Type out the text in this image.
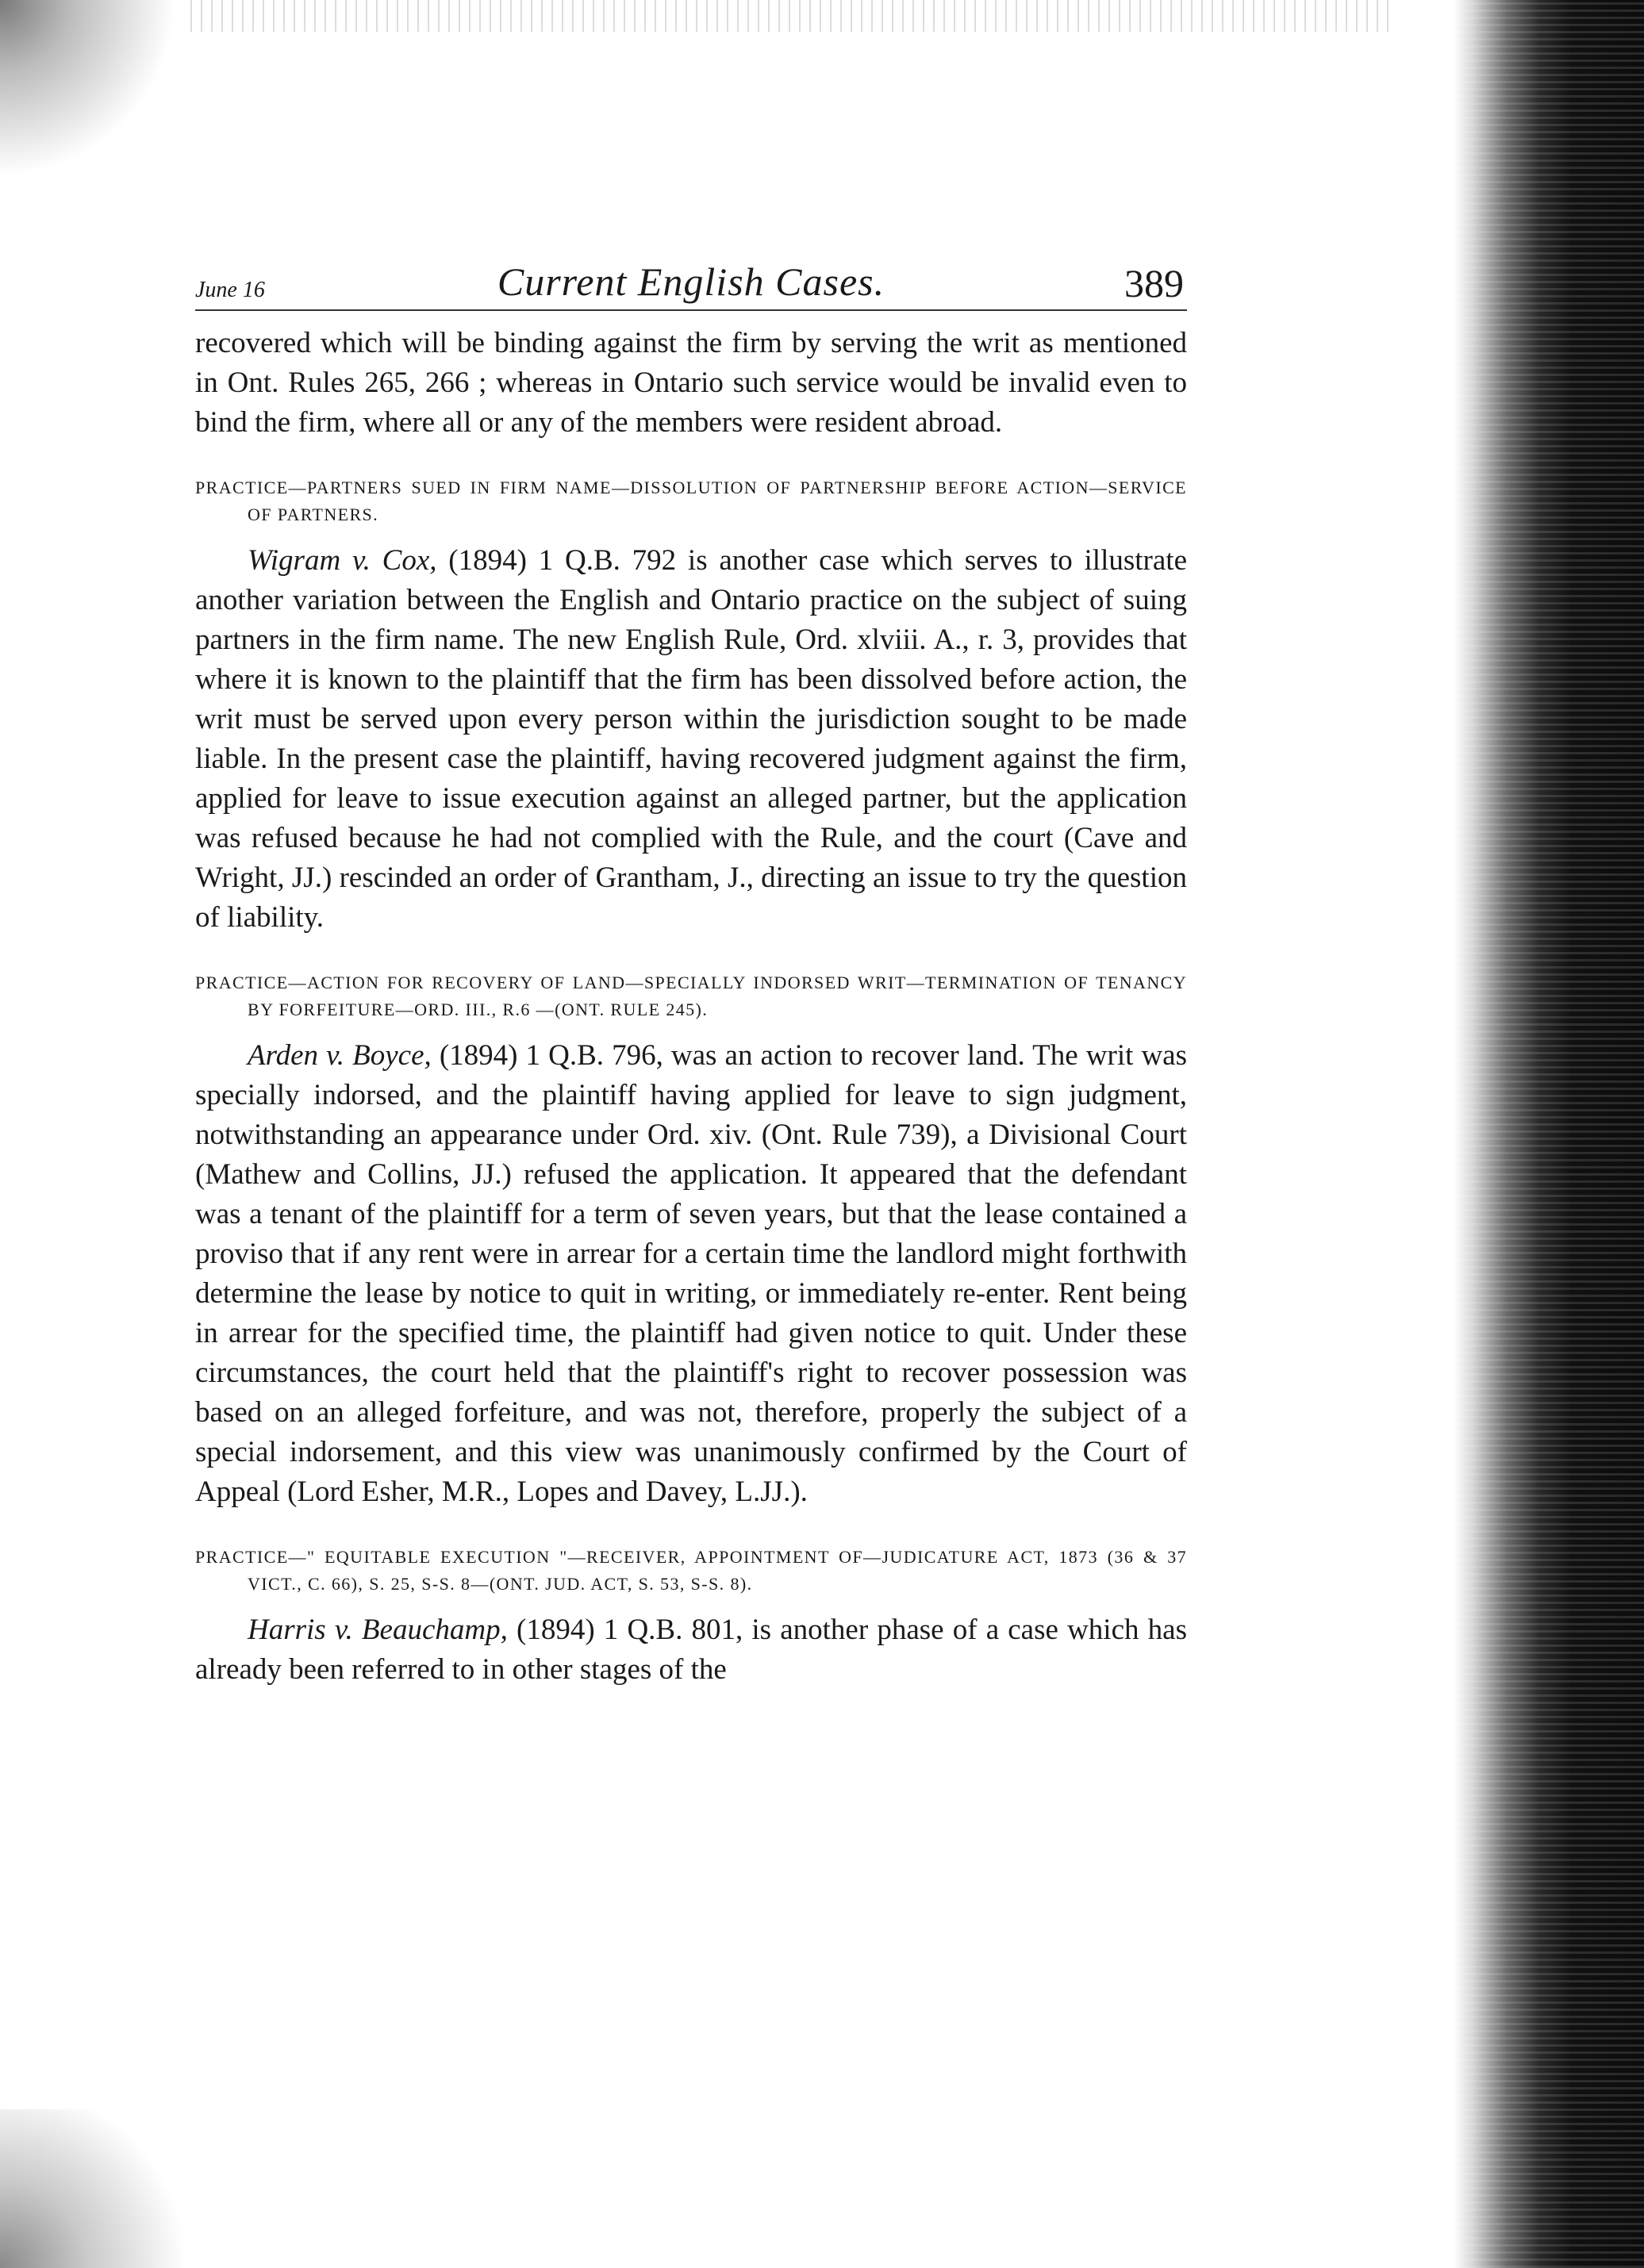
June 16	Current English Cases.	389

recovered which will be binding against the firm by serving the writ as mentioned in Ont. Rules 265, 266 ; whereas in Ontario such service would be invalid even to bind the firm, where all or any of the members were resident abroad.

PRACTICE—PARTNERS SUED IN FIRM NAME—DISSOLUTION OF PARTNERSHIP BEFORE ACTION—SERVICE OF PARTNERS.

Wigram v. Cox, (1894) 1 Q.B. 792 is another case which serves to illustrate another variation between the English and Ontario practice on the subject of suing partners in the firm name. The new English Rule, Ord. xlviii. A., r. 3, provides that where it is known to the plaintiff that the firm has been dissolved before action, the writ must be served upon every person within the jurisdiction sought to be made liable. In the present case the plaintiff, having recovered judgment against the firm, applied for leave to issue execution against an alleged partner, but the application was refused because he had not complied with the Rule, and the court (Cave and Wright, JJ.) rescinded an order of Grantham, J., directing an issue to try the question of liability.

PRACTICE—ACTION FOR RECOVERY OF LAND—SPECIALLY INDORSED WRIT—TERMINATION OF TENANCY BY FORFEITURE—ORD. III., R.6 —(ONT. RULE 245).

Arden v. Boyce, (1894) 1 Q.B. 796, was an action to recover land. The writ was specially indorsed, and the plaintiff having applied for leave to sign judgment, notwithstanding an appearance under Ord. xiv. (Ont. Rule 739), a Divisional Court (Mathew and Collins, JJ.) refused the application. It appeared that the defendant was a tenant of the plaintiff for a term of seven years, but that the lease contained a proviso that if any rent were in arrear for a certain time the landlord might forthwith determine the lease by notice to quit in writing, or immediately re-enter. Rent being in arrear for the specified time, the plaintiff had given notice to quit. Under these circumstances, the court held that the plaintiff's right to recover possession was based on an alleged forfeiture, and was not, therefore, properly the subject of a special indorsement, and this view was unanimously confirmed by the Court of Appeal (Lord Esher, M.R., Lopes and Davey, L.JJ.).

PRACTICE—" EQUITABLE EXECUTION "—RECEIVER, APPOINTMENT OF—JUDICATURE ACT, 1873 (36 & 37 VICT., C. 66), S. 25, S-S. 8—(ONT. JUD. ACT, S. 53, S-S. 8).

Harris v. Beauchamp, (1894) 1 Q.B. 801, is another phase of a case which has already been referred to in other stages of the
